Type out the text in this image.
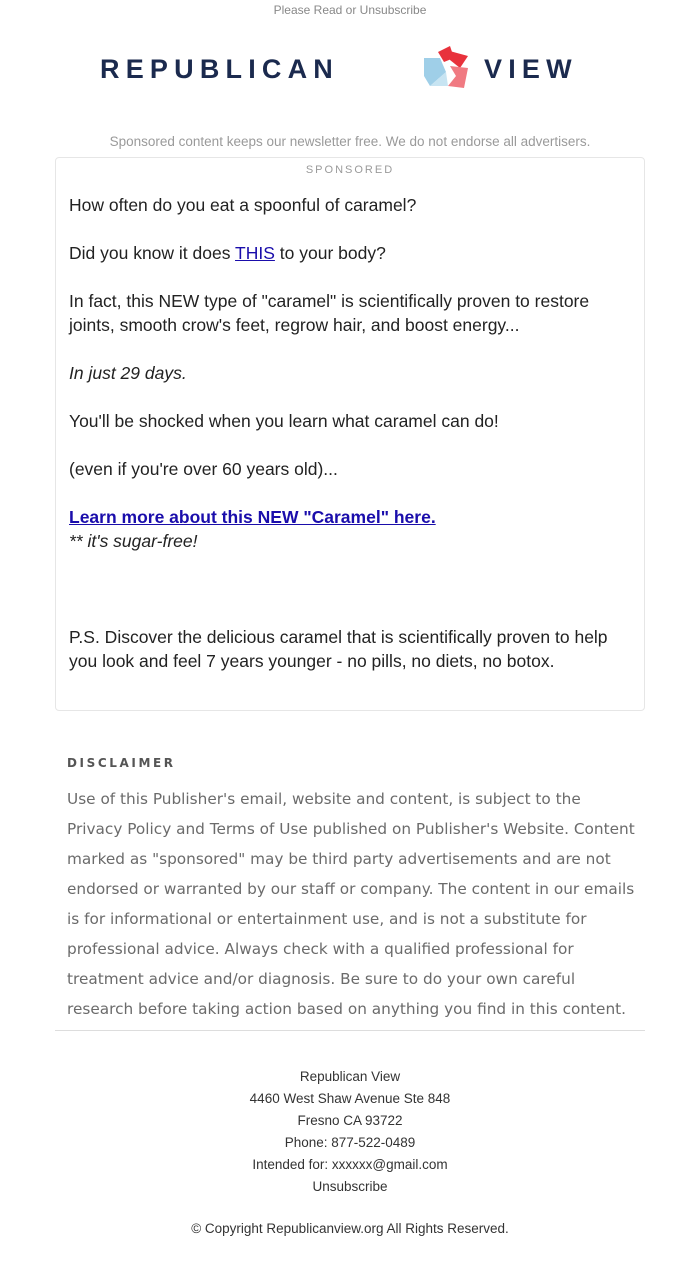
Please Read or Unsubscribe
REPUBLICAN	VIEW
Sponsored content keeps our newsletter free. We do not endorse all advertisers.
SPONSORED

How often do you eat a spoonful of caramel?

Did you know it does THIS to your body?

In fact, this NEW type of "caramel" is scientifically proven to restore joints, smooth crow's feet, regrow hair, and boost energy...

In just 29 days.

You'll be shocked when you learn what caramel can do!

(even if you're over 60 years old)...

Learn more about this NEW "Caramel" here.

** it's sugar-free!

P.S. Discover the delicious caramel that is scientifically proven to help you look and feel 7 years younger - no pills, no diets, no botox.

DISCLAIMER
Use of this Publisher's email, website and content, is subject to the Privacy Policy and Terms of Use published on Publisher's Website. Content marked as "sponsored" may be third party advertisements and are not endorsed or warranted by our staff or company. The content in our emails is for informational or entertainment use, and is not a substitute for professional advice. Always check with a qualified professional for treatment advice and/or diagnosis. Be sure to do your own careful research before taking action based on anything you find in this content.
Republican View
4460 West Shaw Avenue Ste 848
Fresno CA 93722
Phone: 877-522-0489
Intended for: xxxxxx@gmail.com
Unsubscribe
© Copyright Republicanview.org All Rights Reserved.
